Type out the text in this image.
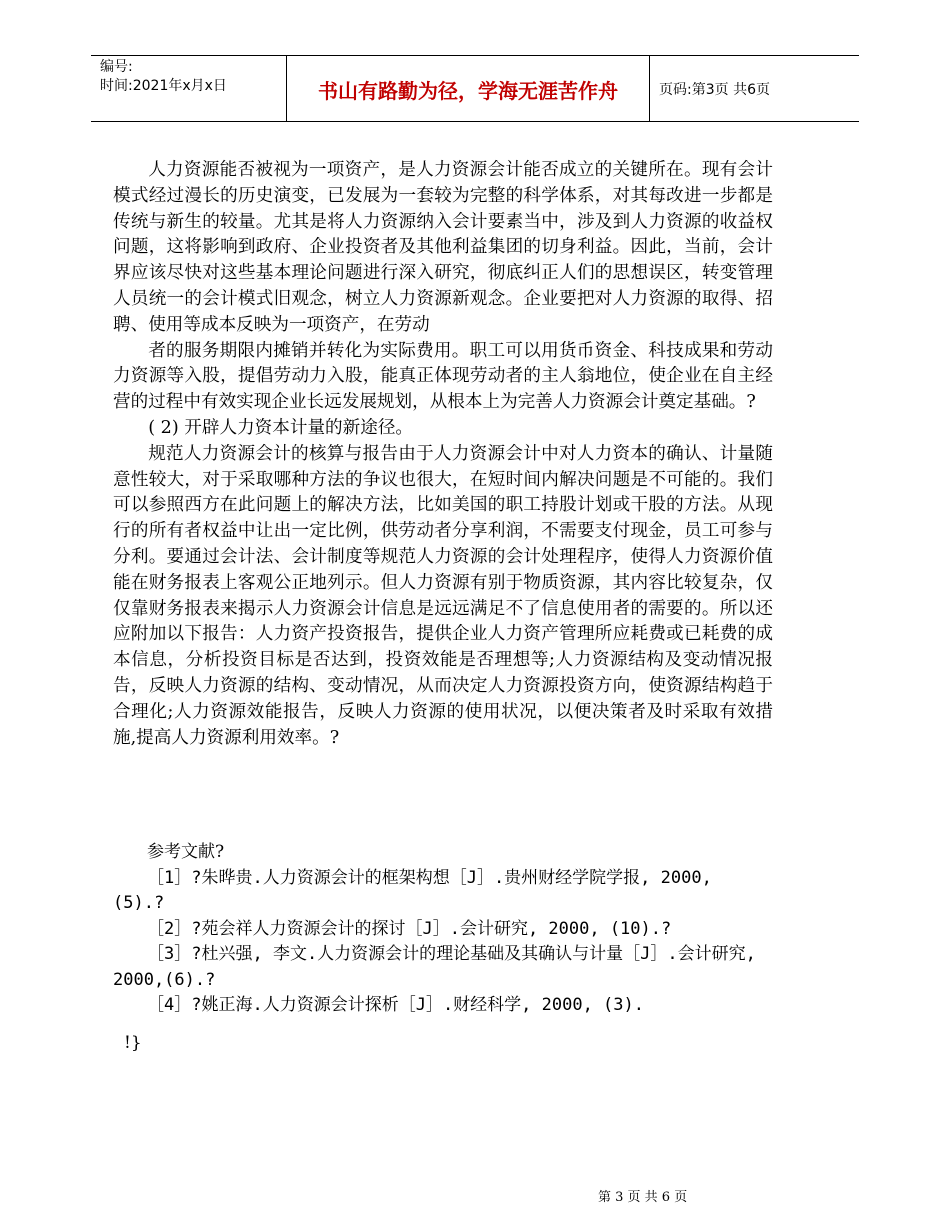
编号:
时间:2021年x月x日	书山有路勤为径，学海无涯苦作舟	页码:第3页 共6页

人力资源能否被视为一项资产，是人力资源会计能否成立的关键所在。现有会计模式经过漫长的历史演变，已发展为一套较为完整的科学体系，对其每改进一步都是传统与新生的较量。尤其是将人力资源纳入会计要素当中，涉及到人力资源的收益权问题，这将影响到政府、企业投资者及其他利益集团的切身利益。因此，当前，会计界应该尽快对这些基本理论问题进行深入研究，彻底纠正人们的思想误区，转变管理人员统一的会计模式旧观念，树立人力资源新观念。企业要把对人力资源的取得、招聘、使用等成本反映为一项资产，在劳动

者的服务期限内摊销并转化为实际费用。职工可以用货币资金、科技成果和劳动力资源等入股，提倡劳动力入股，能真正体现劳动者的主人翁地位，使企业在自主经营的过程中有效实现企业长远发展规划，从根本上为完善人力资源会计奠定基础。?

( 2) 开辟人力资本计量的新途径。

规范人力资源会计的核算与报告由于人力资源会计中对人力资本的确认、计量随意性较大，对于采取哪种方法的争议也很大，在短时间内解决问题是不可能的。我们可以参照西方在此问题上的解决方法，比如美国的职工持股计划或干股的方法。从现行的所有者权益中让出一定比例，供劳动者分享利润，不需要支付现金，员工可参与分利。要通过会计法、会计制度等规范人力资源的会计处理程序，使得人力资源价值能在财务报表上客观公正地列示。但人力资源有别于物质资源，其内容比较复杂，仅仅靠财务报表来揭示人力资源会计信息是远远满足不了信息使用者的需要的。所以还应附加以下报告：人力资产投资报告，提供企业人力资产管理所应耗费或已耗费的成本信息，分析投资目标是否达到，投资效能是否理想等;人力资源结构及变动情况报告，反映人力资源的结构、变动情况，从而决定人力资源投资方向，使资源结构趋于合理化;人力资源效能报告，反映人力资源的使用状况，以便决策者及时采取有效措施,提高人力资源利用效率。?

参考文献?

［1］?朱晔贵.人力资源会计的框架构想［J］.贵州财经学院学报, 2000, (5).?

［2］?苑会祥人力资源会计的探讨［J］.会计研究, 2000, (10).?

［3］?杜兴强, 李文.人力资源会计的理论基础及其确认与计量［J］.会计研究, 2000,(6).?

［4］?姚正海.人力资源会计探析［J］.财经科学, 2000, (3).

!}
第 3 页 共 6 页
